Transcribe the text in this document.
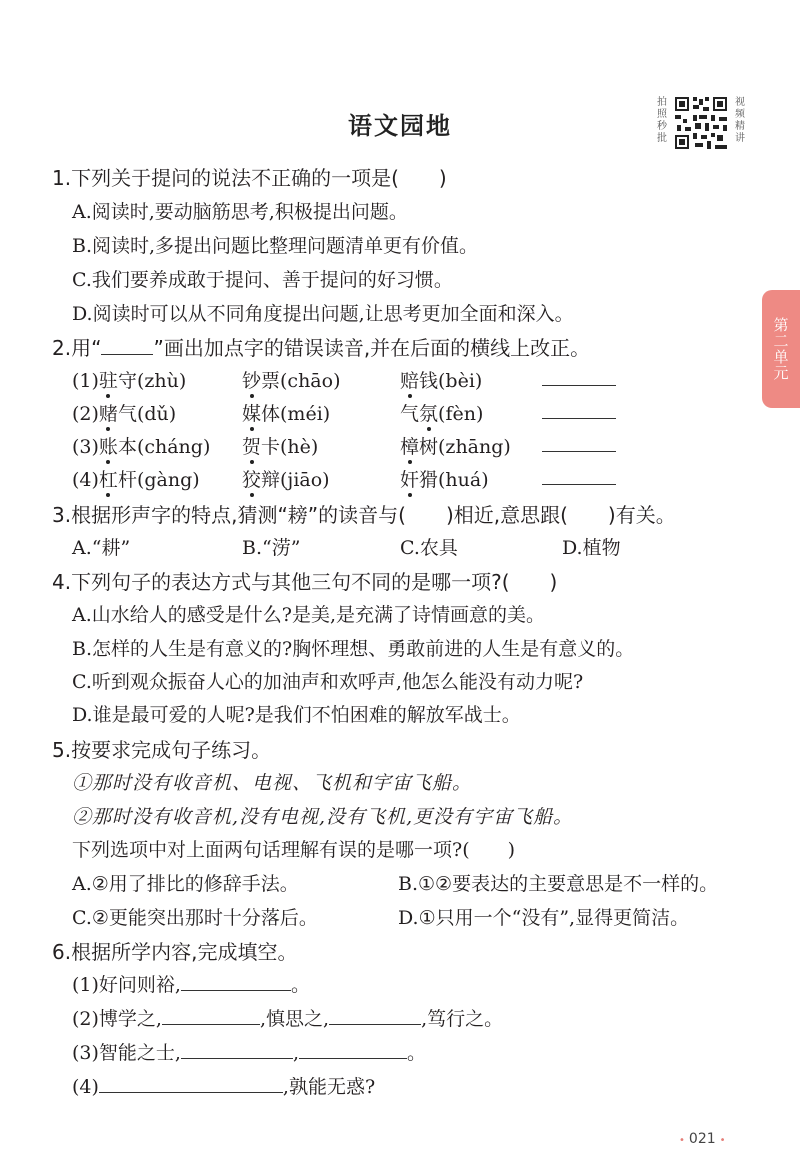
语文园地
拍照秒批
视频精讲
第二单元
1.下列关于提问的说法不正确的一项是(　　)
A.阅读时,要动脑筋思考,积极提出问题。
B.阅读时,多提出问题比整理问题清单更有价值。
C.我们要养成敢于提问、善于提问的好习惯。
D.阅读时可以从不同角度提出问题,让思考更加全面和深入。
2.用“	”画出加点字的错误读音,并在后面的横线上改正。
(1)驻守(zhù)	钞票(chāo)	赔钱(bèi)
(2)赌气(dǔ)	媒体(méi)	气氛(fèn)
(3)账本(cháng) 贺卡(hè)	樟树(zhāng)
(4)杠杆(gàng) 狡辩(jiāo)	奸猾(huá)
3.根据形声字的特点,猜测“耪”的读音与(　　)相近,意思跟(　　)有关。
A.“耕”	B.“涝”	C.农具	D.植物
4.下列句子的表达方式与其他三句不同的是哪一项?(　　)
A.山水给人的感受是什么?是美,是充满了诗情画意的美。
B.怎样的人生是有意义的?胸怀理想、勇敢前进的人生是有意义的。
C.听到观众振奋人心的加油声和欢呼声,他怎么能没有动力呢?
D.谁是最可爱的人呢?是我们不怕困难的解放军战士。
5.按要求完成句子练习。
①那时没有收音机、电视、飞机和宇宙飞船。
②那时没有收音机,没有电视,没有飞机,更没有宇宙飞船。
下列选项中对上面两句话理解有误的是哪一项?(　　)
A.②用了排比的修辞手法。	B.①②要表达的主要意思是不一样的。
C.②更能突出那时十分落后。	D.①只用一个“没有”,显得更简洁。
6.根据所学内容,完成填空。
(1)好问则裕,	。
(2)博学之,	,慎思之,	,笃行之。
(3)智能之士,	,	。
(4)	,孰能无惑?
• 021 •
